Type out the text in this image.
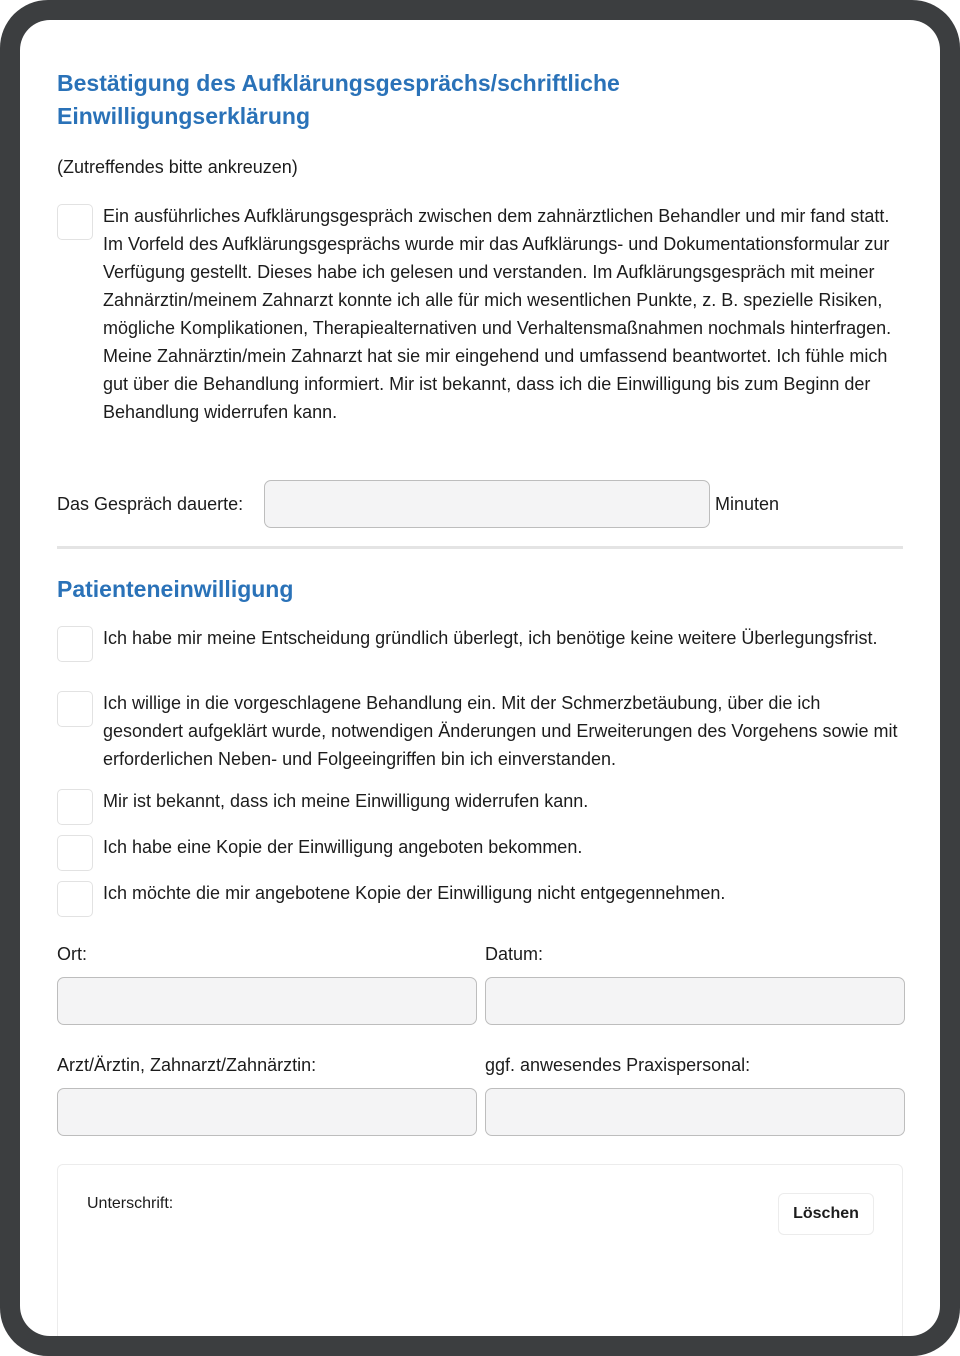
Bestätigung des Aufklärungsgesprächs/schriftliche Einwilligungserklärung
(Zutreffendes bitte ankreuzen)
Ein ausführliches Aufklärungsgespräch zwischen dem zahnärztlichen Behandler und mir fand statt. Im Vorfeld des Aufklärungsgesprächs wurde mir das Aufklärungs- und Dokumentationsformular zur Verfügung gestellt. Dieses habe ich gelesen und verstanden. Im Aufklärungsgespräch mit meiner Zahnärztin/meinem Zahnarzt konnte ich alle für mich wesentlichen Punkte, z. B. spezielle Risiken, mögliche Komplikationen, Therapiealternativen und Verhaltensmaßnahmen nochmals hinterfragen. Meine Zahnärztin/mein Zahnarzt hat sie mir eingehend und umfassend beantwortet. Ich fühle mich gut über die Behandlung informiert. Mir ist bekannt, dass ich die Einwilligung bis zum Beginn der Behandlung widerrufen kann.
Das Gespräch dauerte:	Minuten
Patienteneinwilligung
Ich habe mir meine Entscheidung gründlich überlegt, ich benötige keine weitere Überlegungsfrist.
Ich willige in die vorgeschlagene Behandlung ein. Mit der Schmerzbetäubung, über die ich gesondert aufgeklärt wurde, notwendigen Änderungen und Erweiterungen des Vorgehens sowie mit erforderlichen Neben- und Folgeeingriffen bin ich einverstanden.
Mir ist bekannt, dass ich meine Einwilligung widerrufen kann.
Ich habe eine Kopie der Einwilligung angeboten bekommen.
Ich möchte die mir angebotene Kopie der Einwilligung nicht entgegennehmen.
Ort:	Datum:
Arzt/Ärztin, Zahnarzt/Zahnärztin:	ggf. anwesendes Praxispersonal:
Unterschrift:
Löschen
